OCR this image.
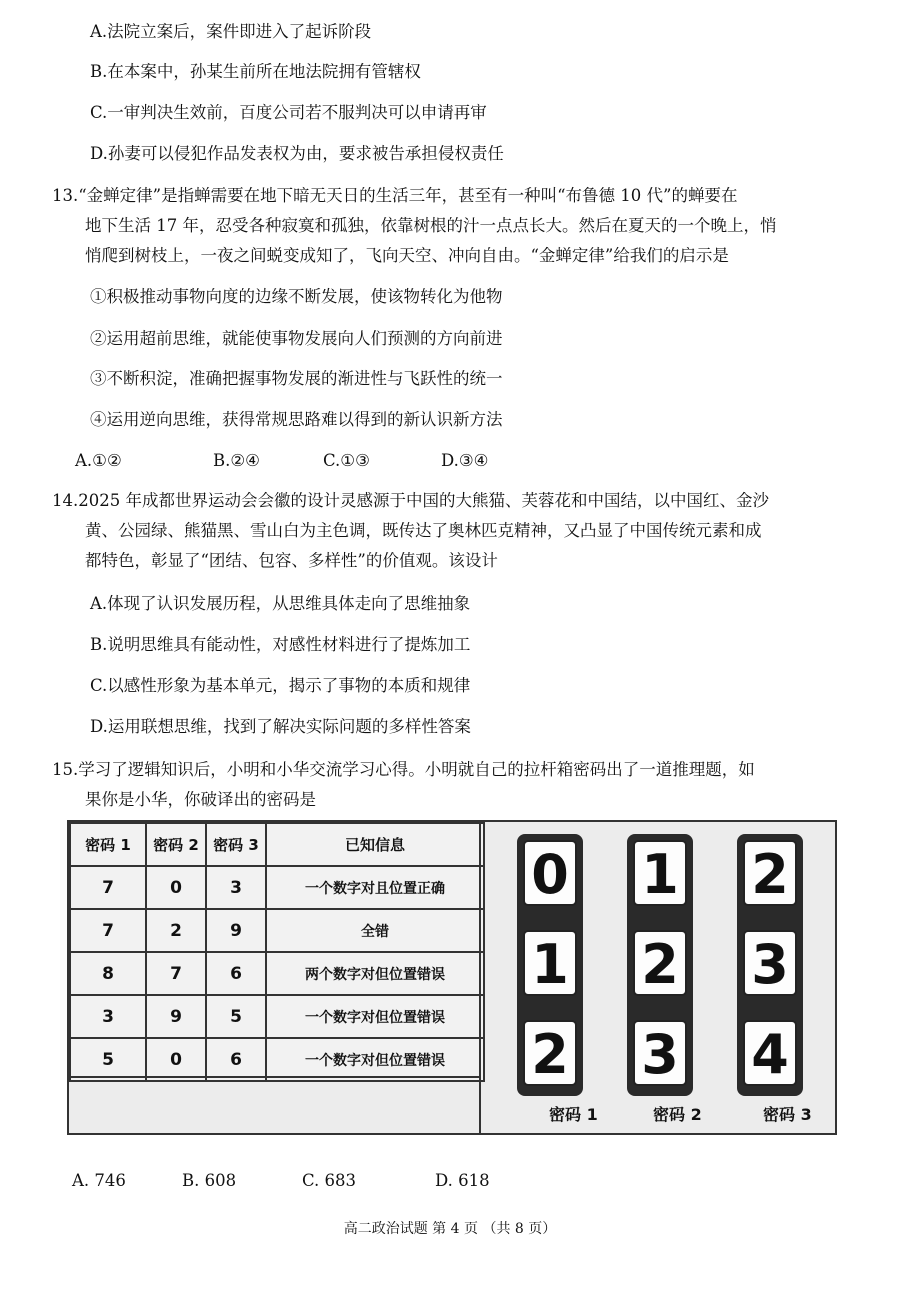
A.法院立案后，案件即进入了起诉阶段
B.在本案中，孙某生前所在地法院拥有管辖权
C.一审判决生效前，百度公司若不服判决可以申请再审
D.孙妻可以侵犯作品发表权为由，要求被告承担侵权责任
13.“金蝉定律”是指蝉需要在地下暗无天日的生活三年，甚至有一种叫“布鲁德 10 代”的蝉要在
地下生活 17 年，忍受各种寂寞和孤独，依靠树根的汁一点点长大。然后在夏天的一个晚上，悄
悄爬到树枝上，一夜之间蜕变成知了，飞向天空、冲向自由。“金蝉定律”给我们的启示是
①积极推动事物向度的边缘不断发展，使该物转化为他物
②运用超前思维，就能使事物发展向人们预测的方向前进
③不断积淀，准确把握事物发展的渐进性与飞跃性的统一
④运用逆向思维，获得常规思路难以得到的新认识新方法
A.①②	B.②④	C.①③	D.③④
14.2025 年成都世界运动会会徽的设计灵感源于中国的大熊猫、芙蓉花和中国结，以中国红、金沙
黄、公园绿、熊猫黑、雪山白为主色调，既传达了奥林匹克精神，又凸显了中国传统元素和成
都特色，彰显了“团结、包容、多样性”的价值观。该设计
A.体现了认识发展历程，从思维具体走向了思维抽象
B.说明思维具有能动性，对感性材料进行了提炼加工
C.以感性形象为基本单元，揭示了事物的本质和规律
D.运用联想思维，找到了解决实际问题的多样性答案
15.学习了逻辑知识后，小明和小华交流学习心得。小明就自己的拉杆箱密码出了一道推理题，如
果你是小华，你破译出的密码是
密码 1	密码 2	密码 3	已知信息
7	0	3	一个数字对且位置正确
7	2	9	全错
8	7	6	两个数字对但位置错误
3	9	5	一个数字对但位置错误
5	0	6	一个数字对但位置错误
0
1
2
1
2
3
2
3
4
密码 1	密码 2	密码 3
A. 746	B. 608	C. 683	D. 618
高二政治试题 第 4 页 （共 8 页）
